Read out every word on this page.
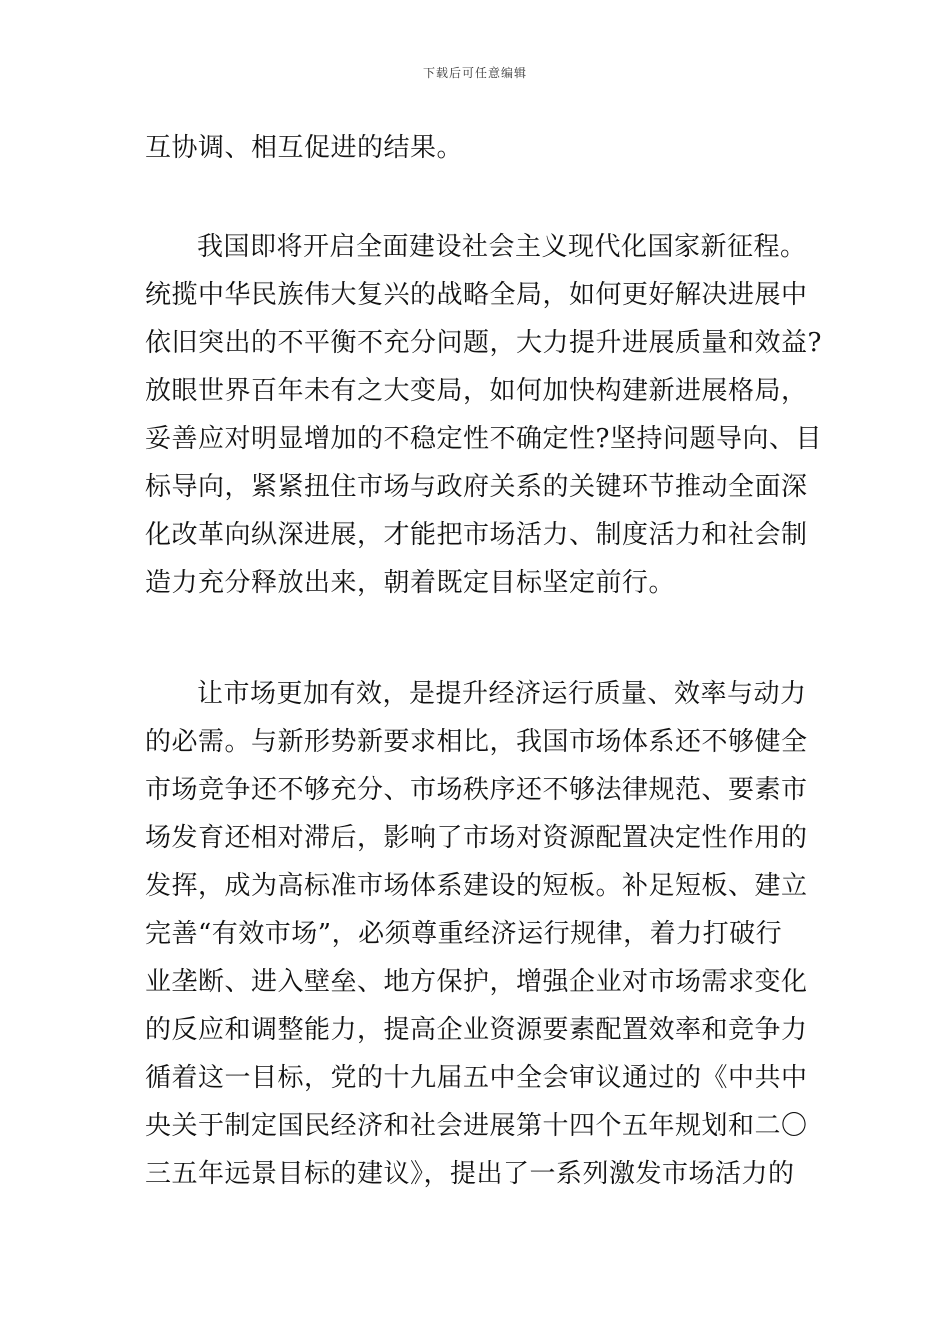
下载后可任意编辑
互协调、相互促进的结果。
我国即将开启全面建设社会主义现代化国家新征程。
统揽中华民族伟大复兴的战略全局，如何更好解决进展中
依旧突出的不平衡不充分问题，大力提升进展质量和效益?
放眼世界百年未有之大变局，如何加快构建新进展格局，
妥善应对明显增加的不稳定性不确定性?坚持问题导向、目
标导向，紧紧扭住市场与政府关系的关键环节推动全面深
化改革向纵深进展，才能把市场活力、制度活力和社会制
造力充分释放出来，朝着既定目标坚定前行。
让市场更加有效，是提升经济运行质量、效率与动力
的必需。与新形势新要求相比，我国市场体系还不够健全
市场竞争还不够充分、市场秩序还不够法律规范、要素市
场发育还相对滞后，影响了市场对资源配置决定性作用的
发挥，成为高标准市场体系建设的短板。补足短板、建立
完善“有效市场”，必须尊重经济运行规律，着力打破行
业垄断、进入壁垒、地方保护，增强企业对市场需求变化
的反应和调整能力，提高企业资源要素配置效率和竞争力
循着这一目标，党的十九届五中全会审议通过的《中共中
央关于制定国民经济和社会进展第十四个五年规划和二〇
三五年远景目标的建议》，提出了一系列激发市场活力的
